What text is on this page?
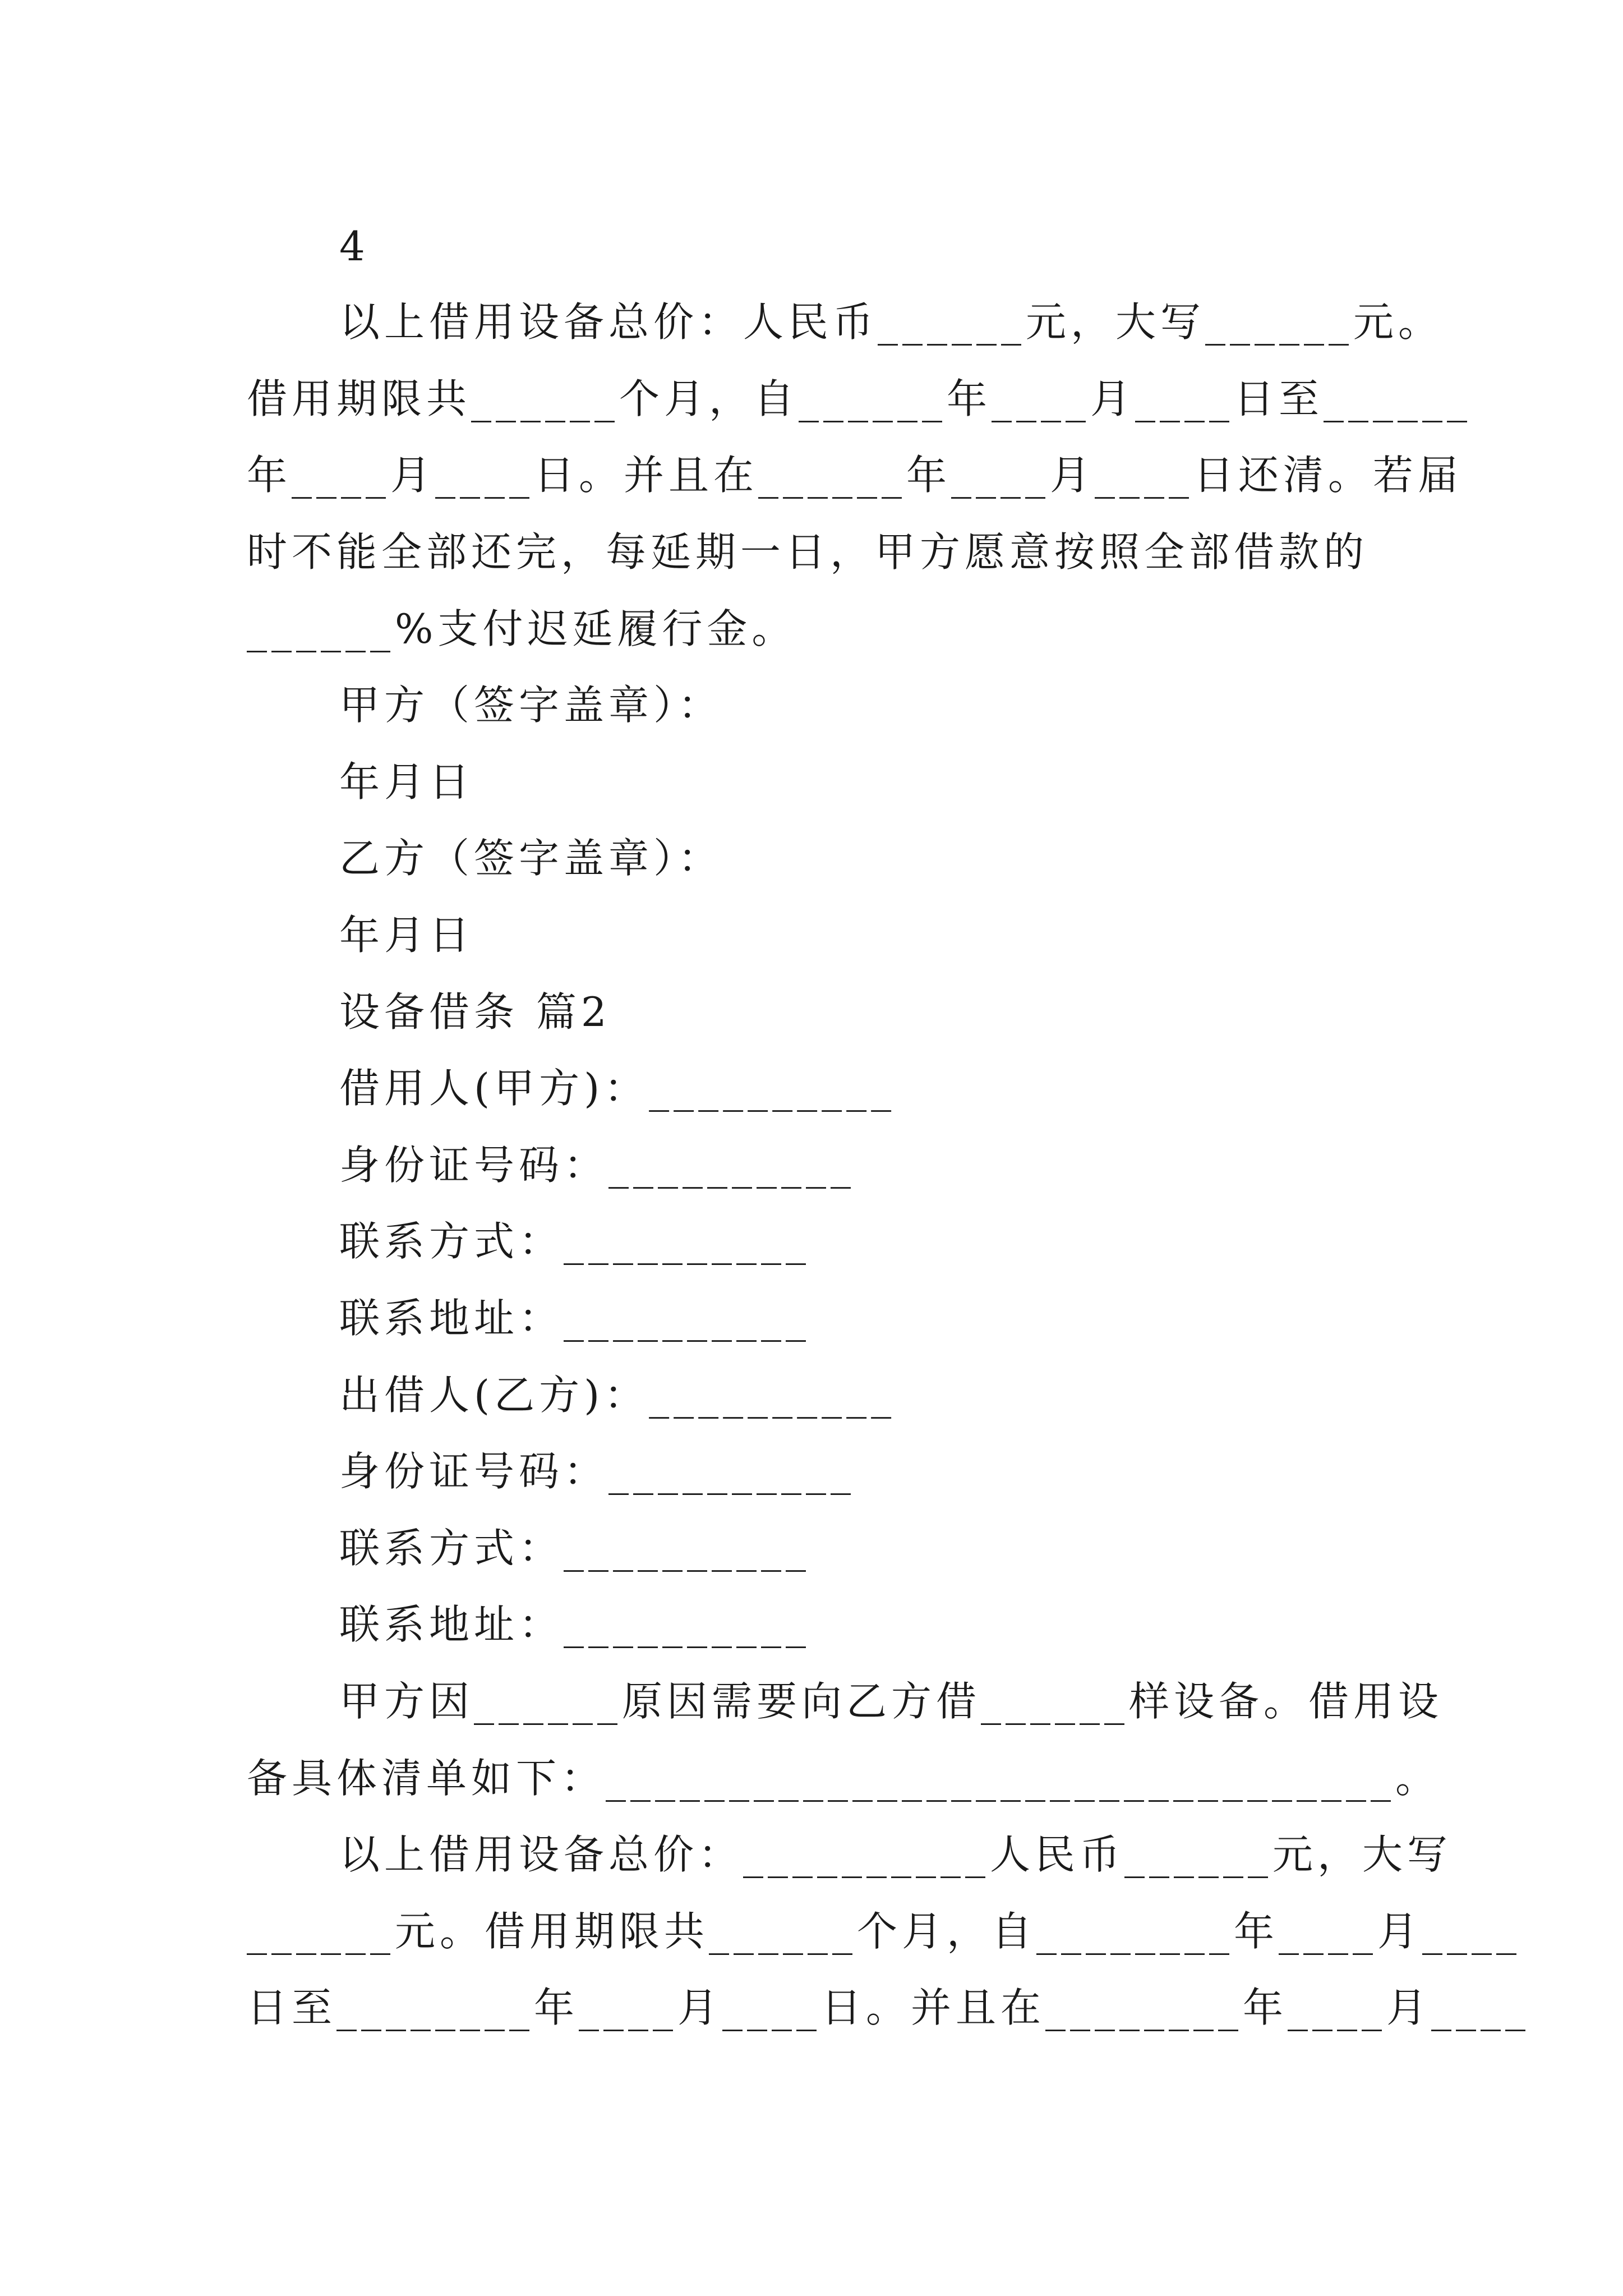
4
以上借用设备总价：人民币______元，大写______元。
借用期限共______个月，自______年____月____日至______
年____月____日。并且在______年____月____日还清。若届
时不能全部还完，每延期一日，甲方愿意按照全部借款的
______%支付迟延履行金。
甲方（签字盖章）：
年月日
乙方（签字盖章）：
年月日
设备借条 篇2
借用人(甲方)：__________
身份证号码：__________
联系方式：__________
联系地址：__________
出借人(乙方)：__________
身份证号码：__________
联系方式：__________
联系地址：__________
甲方因______原因需要向乙方借______样设备。借用设
备具体清单如下：________________________________。
以上借用设备总价：__________人民币______元，大写
______元。借用期限共______个月，自________年____月____
日至________年____月____日。并且在________年____月____
